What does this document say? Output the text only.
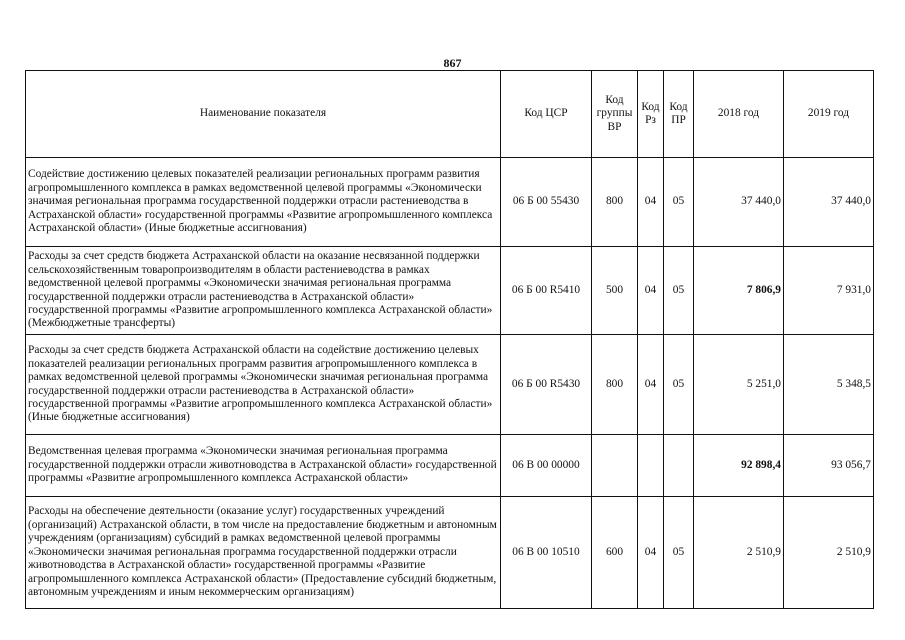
867
Наименование показателя	Код ЦСР	Код группы ВР	Код Рз	Код ПР	2018 год	2019 год
Содействие достижению целевых показателей реализации региональных программ развития агропромышленного комплекса в рамках ведомственной целевой программы «Экономически значимая региональная программа государственной поддержки отрасли растениеводства в Астраханской области» государственной программы «Развитие агропромышленного комплекса Астраханской области» (Иные бюджетные ассигнования)	06 Б 00 55430	800	04	05	37 440,0	37 440,0
Расходы за счет средств бюджета Астраханской области на оказание несвязанной поддержки сельскохозяйственным товаропроизводителям в области растениеводства в рамках ведомственной целевой программы «Экономически значимая региональная программа государственной поддержки отрасли растениеводства в Астраханской области» государственной программы «Развитие агропромышленного комплекса Астраханской области» (Межбюджетные трансферты)	06 Б 00 R5410	500	04	05	7 806,9	7 931,0
Расходы за счет средств бюджета Астраханской области на содействие достижению целевых показателей реализации региональных программ развития агропромышленного комплекса в рамках ведомственной целевой программы «Экономически значимая региональная программа государственной поддержки отрасли растениеводства в Астраханской области» государственной программы «Развитие агропромышленного комплекса Астраханской области» (Иные бюджетные ассигнования)	06 Б 00 R5430	800	04	05	5 251,0	5 348,5
Ведомственная целевая программа «Экономически значимая региональная программа государственной поддержки отрасли животноводства в Астраханской области» государственной программы «Развитие агропромышленного комплекса Астраханской области»	06 В 00 00000				92 898,4	93 056,7
Расходы на обеспечение деятельности (оказание услуг) государственных учреждений (организаций) Астраханской области, в том числе на предоставление бюджетным и автономным учреждениям (организациям) субсидий в рамках ведомственной целевой программы «Экономически значимая региональная программа государственной поддержки отрасли животноводства в Астраханской области» государственной программы «Развитие агропромышленного комплекса Астраханской области» (Предоставление субсидий бюджетным, автономным учреждениям и иным некоммерческим организациям)	06 В 00 10510	600	04	05	2 510,9	2 510,9
